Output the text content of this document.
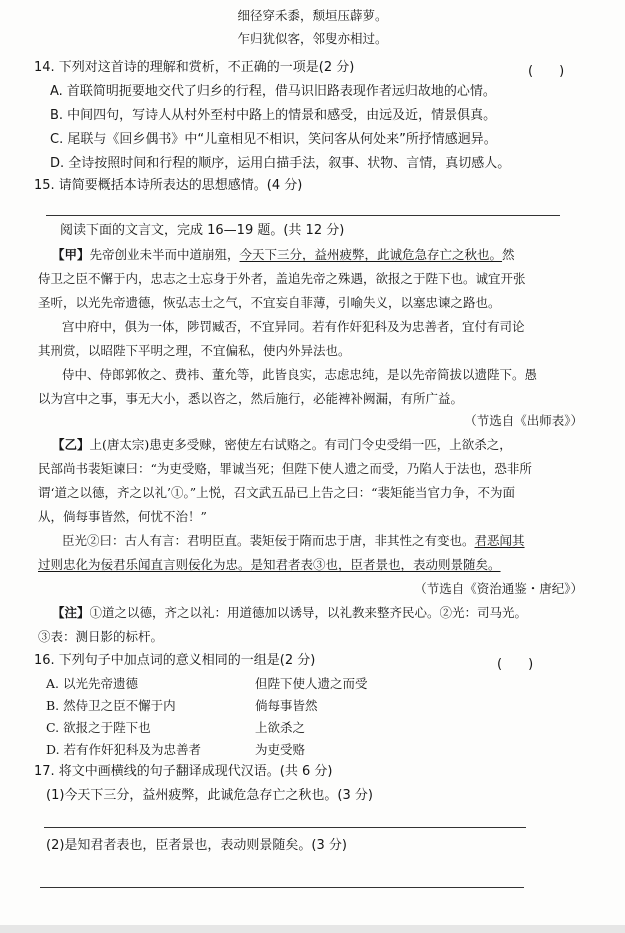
细径穿禾黍，颓垣压薜萝。
乍归犹似客，邻叟亦相过。
14. 下列对这首诗的理解和赏析，不正确的一项是(2 分)	(　　)
A. 首联简明扼要地交代了归乡的行程，借马识旧路表现作者远归故地的心情。
B. 中间四句，写诗人从村外至村中路上的情景和感受，由远及近，情景俱真。
C. 尾联与《回乡偶书》中“儿童相见不相识，笑问客从何处来”所抒情感迥异。
D. 全诗按照时间和行程的顺序，运用白描手法，叙事、状物、言情，真切感人。
15. 请简要概括本诗所表达的思想感情。(4 分)
阅读下面的文言文，完成 16—19 题。(共 12 分)
【甲】先帝创业未半而中道崩殂，今天下三分，益州疲弊，此诚危急存亡之秋也。然
侍卫之臣不懈于内，忠志之士忘身于外者，盖追先帝之殊遇，欲报之于陛下也。诚宜开张
圣听，以光先帝遗德，恢弘志士之气，不宜妄自菲薄，引喻失义，以塞忠谏之路也。
宫中府中，俱为一体，陟罚臧否，不宜异同。若有作奸犯科及为忠善者，宜付有司论
其刑赏，以昭陛下平明之理，不宜偏私，使内外异法也。
侍中、侍郎郭攸之、费祎、董允等，此皆良实，志虑忠纯，是以先帝简拔以遗陛下。愚
以为宫中之事，事无大小，悉以咨之，然后施行，必能裨补阙漏，有所广益。
（节选自《出师表》）
【乙】上(唐太宗)患吏多受赇，密使左右试赂之。有司门令史受绢一匹，上欲杀之，
民部尚书裴矩谏曰：“为吏受赂，罪诚当死；但陛下使人遗之而受，乃陷人于法也，恐非所
谓‘道之以德，齐之以礼’①。”上悦，召文武五品已上告之曰：“裴矩能当官力争，不为面
从，倘每事皆然，何忧不治！”
臣光②曰：古人有言：君明臣直。裴矩佞于隋而忠于唐，非其性之有变也。君恶闻其
过则忠化为佞君乐闻直言则佞化为忠。是知君者表③也，臣者景也，表动则景随矣。
（节选自《资治通鉴・唐纪》）
【注】①道之以德，齐之以礼：用道德加以诱导，以礼教来整齐民心。②光：司马光。
③表：测日影的标杆。
16. 下列句子中加点词的意义相同的一组是(2 分)	(　　)
A. 以光先帝遗德	但陛下使人遗之而受
B. 然侍卫之臣不懈于内	倘每事皆然
C. 欲报之于陛下也	上欲杀之
D. 若有作奸犯科及为忠善者	为吏受赂
17. 将文中画横线的句子翻译成现代汉语。(共 6 分)
(1)今天下三分，益州疲弊，此诚危急存亡之秋也。(3 分)
(2)是知君者表也，臣者景也，表动则景随矣。(3 分)
